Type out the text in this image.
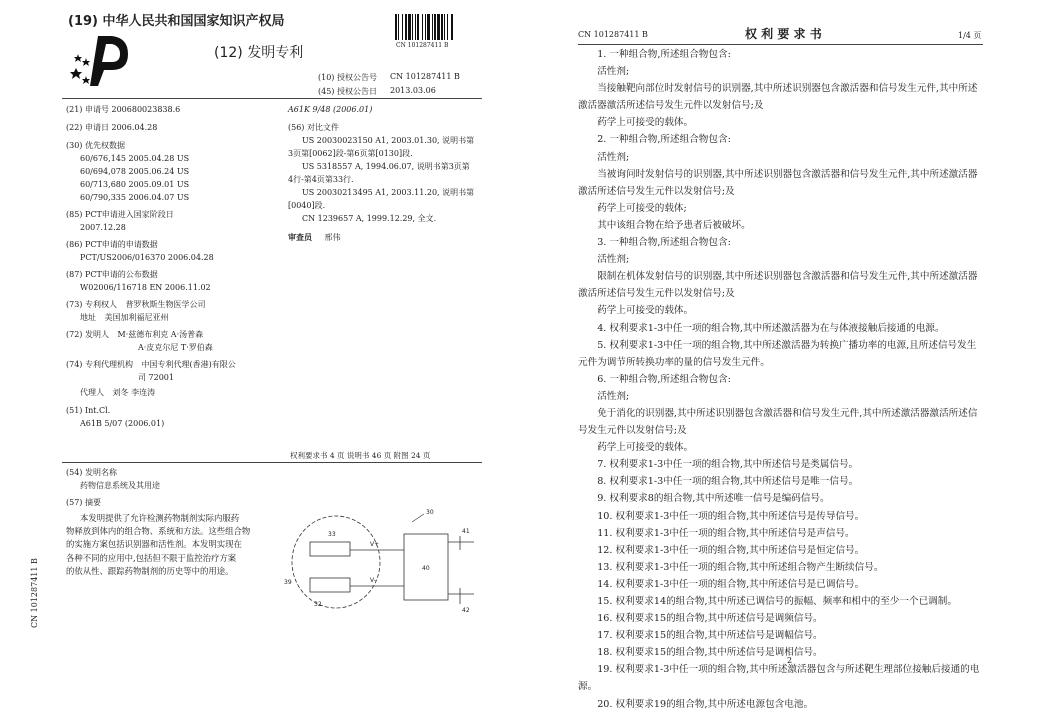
(19) 中华人民共和国国家知识产权局
(12) 发明专利	CN 101287411 B
(10) 授权公告号 CN 101287411 B
(45) 授权公告日 2013.03.06
(21) 申请号 200680023838.6
(22) 申请日 2006.04.28
(30) 优先权数据
60/676,145 2005.04.28 US
60/694,078 2005.06.24 US
60/713,680 2005.09.01 US
60/790,335 2006.04.07 US
(85) PCT申请进入国家阶段日
2007.12.28
(86) PCT申请的申请数据
PCT/US2006/016370 2006.04.28
(87) PCT申请的公布数据
W02006/116718 EN 2006.11.02
(73) 专利权人 普罗秋斯生物医学公司
地址 美国加利福尼亚州
(72) 发明人 M·兹德布利克 A·汤普森
A·皮克尔尼 T·罗伯森
(74) 专利代理机构 中国专利代理(香港)有限公
司 72001
代理人 刘冬 李连涛
(51) Int.Cl.
A61B 5/07 (2006.01)
A61K 9/48 (2006.01)
(56) 对比文件
US 20030023150 A1, 2003.01.30, 说明书第
3页第[0062]段-第6页第[0130]段.
US 5318557 A, 1994.06.07, 说明书第3页第
4行-第4页第33行.
US 20030213495 A1, 2003.11.20, 说明书第
[0040]段.
CN 1239657 A, 1999.12.29, 全文.
审查员 邢伟
权利要求书 4 页 说明书 46 页 附图 24 页
(54) 发明名称
药物信息系统及其用途
(57) 摘要
本发明提供了允许检测药物制剂实际内服药
物释放到体内的组合物、系统和方法。这些组合物
的实施方案包括识别器和活性剂。本发明实现在
各种不同的应用中,包括但不限于监控治疗方案
的依从性、跟踪药物制剂的历史等中的用途。
CN 101287411 B
30
33
V+
40
41
39	V-
32
42
CN 101287411 B	权 利 要 求 书	1/4 页

1. 一种组合物,所述组合物包含:

活性剂;

当接触靶向部位时发射信号的识别器,其中所述识别器包含激活器和信号发生元件,其中所述激活器激活所述信号发生元件以发射信号;及

药学上可接受的载体。

2. 一种组合物,所述组合物包含:

活性剂;

当被询问时发射信号的识别器,其中所述识别器包含激活器和信号发生元件,其中所述激活器激活所述信号发生元件以发射信号;及

药学上可接受的载体;

其中该组合物在给予患者后被破坏。

3. 一种组合物,所述组合物包含:

活性剂;

限制在机体发射信号的识别器,其中所述识别器包含激活器和信号发生元件,其中所述激活器激活所述信号发生元件以发射信号;及

药学上可接受的载体。

4. 权利要求1-3中任一项的组合物,其中所述激活器为在与体液接触后接通的电源。

5. 权利要求1-3中任一项的组合物,其中所述激活器为转换广播功率的电源,且所述信号发生元件为调节所转换功率的量的信号发生元件。

6. 一种组合物,所述组合物包含:

活性剂;

免于消化的识别器,其中所述识别器包含激活器和信号发生元件,其中所述激活器激活所述信号发生元件以发射信号;及

药学上可接受的载体。

7. 权利要求1-3中任一项的组合物,其中所述信号是类属信号。

8. 权利要求1-3中任一项的组合物,其中所述信号是唯一信号。

9. 权利要求8的组合物,其中所述唯一信号是编码信号。

10. 权利要求1-3中任一项的组合物,其中所述信号是传导信号。

11. 权利要求1-3中任一项的组合物,其中所述信号是声信号。

12. 权利要求1-3中任一项的组合物,其中所述信号是恒定信号。

13. 权利要求1-3中任一项的组合物,其中所述组合物产生断续信号。

14. 权利要求1-3中任一项的组合物,其中所述信号是已调信号。

15. 权利要求14的组合物,其中所述已调信号的振幅、频率和相中的至少一个已调制。

16. 权利要求15的组合物,其中所述信号是调频信号。

17. 权利要求15的组合物,其中所述信号是调幅信号。

18. 权利要求15的组合物,其中所述信号是调相信号。

19. 权利要求1-3中任一项的组合物,其中所述激活器包含与所述靶生理部位接触后接通的电源。

20. 权利要求19的组合物,其中所述电源包含电池。

2
